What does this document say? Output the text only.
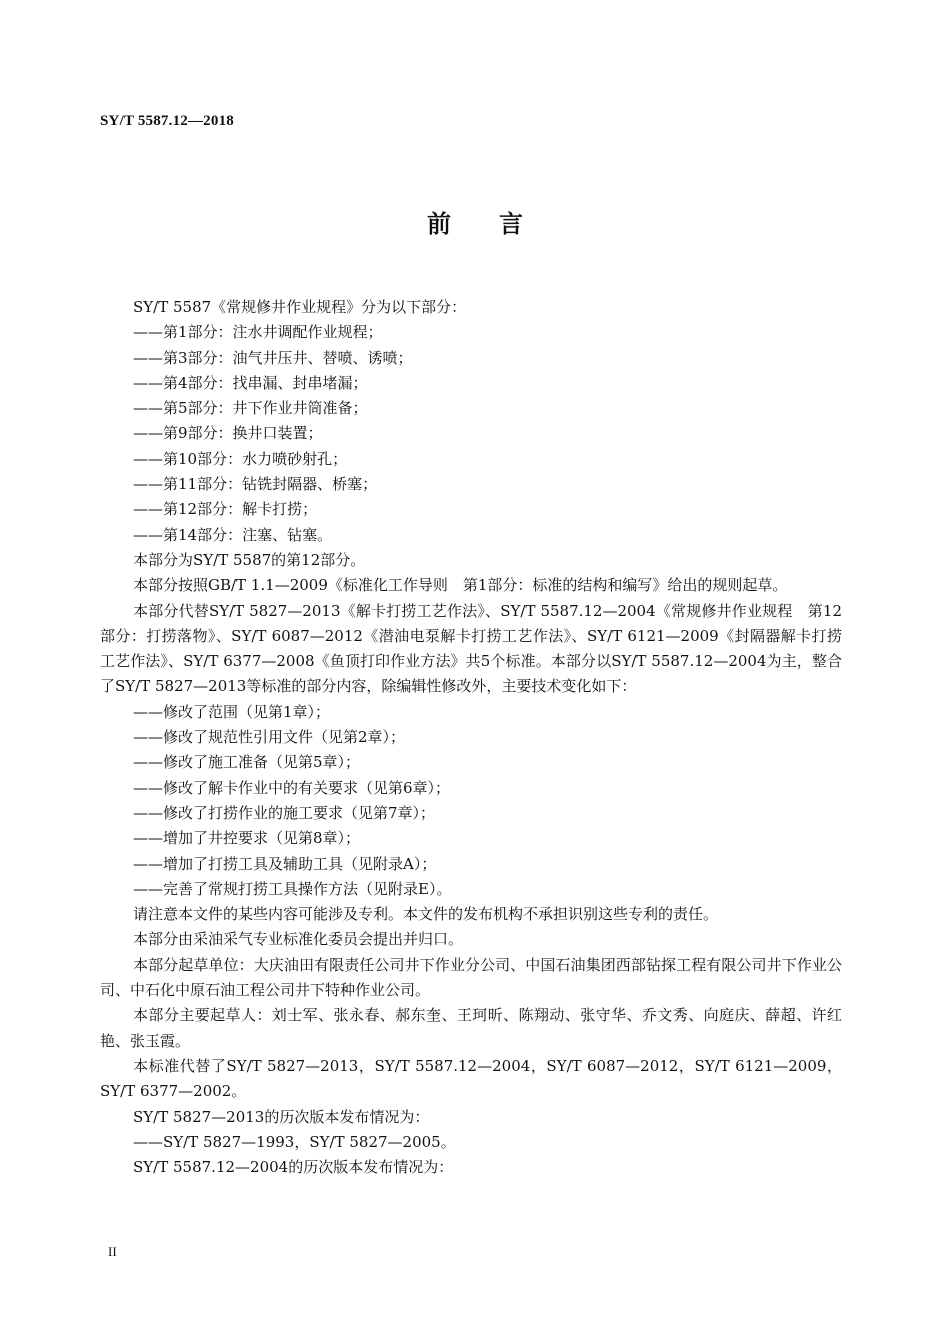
SY/T 5587.12—2018
前言

SY/T 5587《常规修井作业规程》分为以下部分：

——第1部分：注水井调配作业规程；

——第3部分：油气井压井、替喷、诱喷；

——第4部分：找串漏、封串堵漏；

——第5部分：井下作业井筒准备；

——第9部分：换井口装置；

——第10部分：水力喷砂射孔；

——第11部分：钻铣封隔器、桥塞；

——第12部分：解卡打捞；

——第14部分：注塞、钻塞。

本部分为SY/T 5587的第12部分。

本部分按照GB/T 1.1—2009《标准化工作导则　第1部分：标准的结构和编写》给出的规则起草。

本部分代替SY/T 5827—2013《解卡打捞工艺作法》、SY/T 5587.12—2004《常规修井作业规程　第12部分：打捞落物》、SY/T 6087—2012《潜油电泵解卡打捞工艺作法》、SY/T 6121—2009《封隔器解卡打捞工艺作法》、SY/T 6377—2008《鱼顶打印作业方法》共5个标准。本部分以SY/T 5587.12—2004为主，整合了SY/T 5827—2013等标准的部分内容，除编辑性修改外，主要技术变化如下：

——修改了范围（见第1章）；

——修改了规范性引用文件（见第2章）；

——修改了施工准备（见第5章）；

——修改了解卡作业中的有关要求（见第6章）；

——修改了打捞作业的施工要求（见第7章）；

——增加了井控要求（见第8章）；

——增加了打捞工具及辅助工具（见附录A）；

——完善了常规打捞工具操作方法（见附录E）。

请注意本文件的某些内容可能涉及专利。本文件的发布机构不承担识别这些专利的责任。

本部分由采油采气专业标准化委员会提出并归口。

本部分起草单位：大庆油田有限责任公司井下作业分公司、中国石油集团西部钻探工程有限公司井下作业公司、中石化中原石油工程公司井下特种作业公司。

本部分主要起草人：刘士军、张永春、郝东奎、王珂昕、陈翔动、张守华、乔文秀、向庭庆、薛超、许红艳、张玉霞。

本标准代替了SY/T 5827—2013，SY/T 5587.12—2004，SY/T 6087—2012，SY/T 6121—2009，SY/T 6377—2002。

SY/T 5827—2013的历次版本发布情况为：

——SY/T 5827—1993，SY/T 5827—2005。

SY/T 5587.12—2004的历次版本发布情况为：

II
